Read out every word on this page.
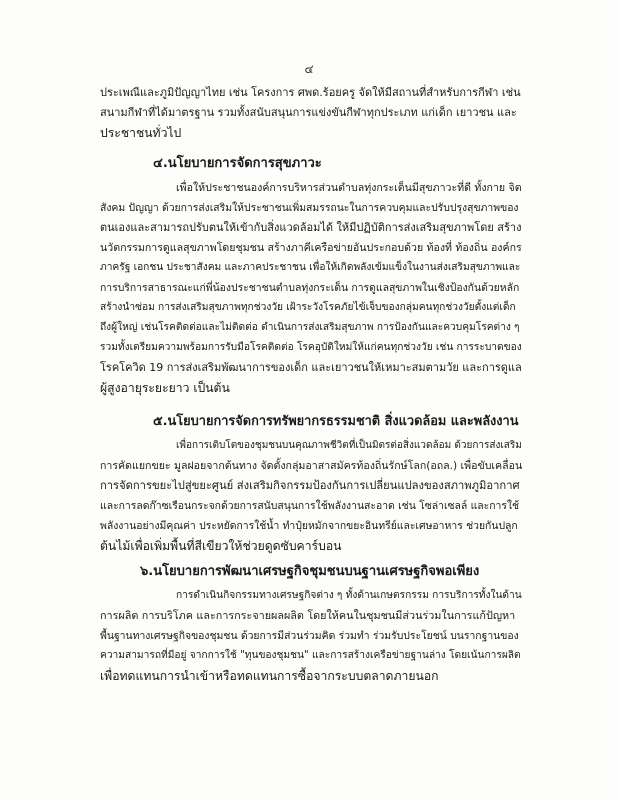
๔
ประเพณีและภูมิปัญญาไทย เช่น โครงการ ศพด.ร้อยครู จัดให้มีสถานที่สำหรับการกีฬา เช่น
สนามกีฬาที่ได้มาตรฐาน รวมทั้งสนับสนุนการแข่งขันกีฬาทุกประเภท แก่เด็ก เยาวชน และ
ประชาชนทั่วไป
๔.นโยบายการจัดการสุขภาวะ
เพื่อให้ประชาชนองค์การบริหารส่วนตำบลทุ่งกระเต็นมีสุขภาวะที่ดี ทั้งกาย จิต
สังคม ปัญญา ด้วยการส่งเสริมให้ประชาชนเพิ่มสมรรถนะในการควบคุมและปรับปรุงสุขภาพของ
ตนเองและสามารถปรับตนให้เข้ากับสิ่งแวดล้อมได้ ให้มีปฏิบัติการส่งเสริมสุขภาพโดย สร้าง
นวัตกรรมการดูแลสุขภาพโดยชุมชน สร้างภาคีเครือข่ายอันประกอบด้วย ท้องที่ ท้องถิ่น องค์กร
ภาครัฐ เอกชน ประชาสังคม และภาคประชาชน เพื่อให้เกิดพลังเข้มแข็งในงานส่งเสริมสุขภาพและ
การบริการสาธารณะแก่พี่น้องประชาชนตำบลทุ่งกระเต็น การดูแลสุขภาพในเชิงป้องกันด้วยหลัก
สร้างนำซ่อม การส่งเสริมสุขภาพทุกช่วงวัย เฝ้าระวังโรคภัยไข้เจ็บของกลุ่มคนทุกช่วงวัยตั้งแต่เด็ก
ถึงผู้ใหญ่ เช่นโรคติดต่อและไม่ติดต่อ ดำเนินการส่งเสริมสุขภาพ การป้องกันและควบคุมโรคต่าง ๆ
รวมทั้งเตรียมความพร้อมการรับมือโรคติดต่อ โรคอุบัติใหม่ให้แก่คนทุกช่วงวัย เช่น การระบาดของ
โรคโควิด 19 การส่งเสริมพัฒนาการของเด็ก และเยาวชนให้เหมาะสมตามวัย และการดูแล
ผู้สูงอายุระยะยาว เป็นต้น
๕.นโยบายการจัดการทรัพยากรธรรมชาติ สิ่งแวดล้อม และพลังงาน
เพื่อการเติบโตของชุมชนบนคุณภาพชีวิตที่เป็นมิตรต่อสิ่งแวดล้อม ด้วยการส่งเสริม
การคัดแยกขยะ มูลฝอยจากต้นทาง จัดตั้งกลุ่มอาสาสมัครท้องถิ่นรักษ์โลก(อถล.) เพื่อขับเคลื่อน
การจัดการขยะไปสู่ขยะศูนย์ ส่งเสริมกิจกรรมป้องกันการเปลี่ยนแปลงของสภาพภูมิอากาศ
และการลดก๊าซเรือนกระจกด้วยการสนับสนุนการใช้พลังงานสะอาด เช่น โซล่าเซลล์ และการใช้
พลังงานอย่างมีคุณค่า ประหยัดการใช้น้ำ ทำปุ๋ยหมักจากขยะอินทรีย์และเศษอาหาร ช่วยกันปลูก
ต้นไม้เพื่อเพิ่มพื้นที่สีเขียวให้ช่วยดูดซับคาร์บอน
๖.นโยบายการพัฒนาเศรษฐกิจชุมชนบนฐานเศรษฐกิจพอเพียง
การดำเนินกิจกรรมทางเศรษฐกิจต่าง ๆ ทั้งด้านเกษตรกรรม การบริการทั้งในด้าน
การผลิต การบริโภค และการกระจายผลผลิต โดยให้คนในชุมชนมีส่วนร่วมในการแก้ปัญหา
พื้นฐานทางเศรษฐกิจของชุมชน ด้วยการมีส่วนร่วมคิด ร่วมทำ ร่วมรับประโยชน์ บนรากฐานของ
ความสามารถที่มีอยู่ จากการใช้ "ทุนของชุมชน" และการสร้างเครือข่ายฐานล่าง โดยเน้นการผลิต
เพื่อทดแทนการนำเข้าหรือทดแทนการซื้อจากระบบตลาดภายนอก
